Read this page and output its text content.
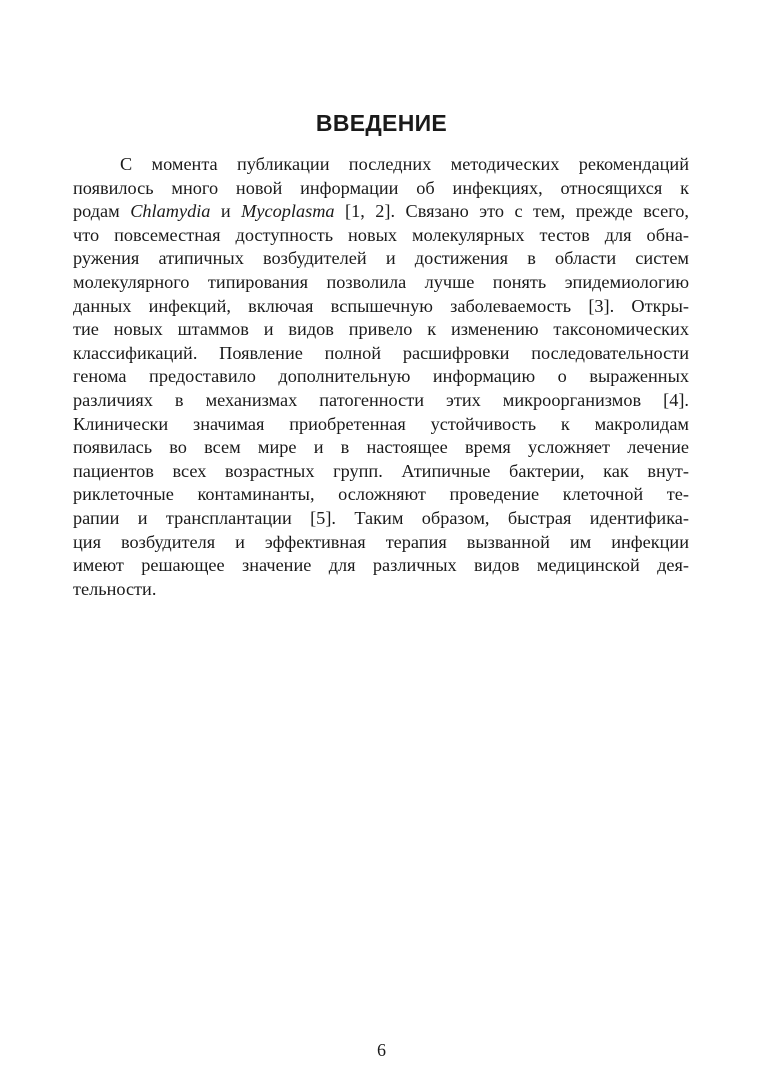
ВВЕДЕНИЕ
С момента публикации последних методических рекомендаций
появилось много новой информации об инфекциях, относящихся к
родам Chlamydia и Mycoplasma [1, 2]. Связано это с тем, прежде всего,
что повсеместная доступность новых молекулярных тестов для обна-
ружения атипичных возбудителей и достижения в области систем
молекулярного типирования позволила лучше понять эпидемиологию
данных инфекций, включая вспышечную заболеваемость [3]. Откры-
тие новых штаммов и видов привело к изменению таксономических
классификаций. Появление полной расшифровки последовательности
генома предоставило дополнительную информацию о выраженных
различиях в механизмах патогенности этих микроорганизмов [4].
Клинически значимая приобретенная устойчивость к макролидам
появилась во всем мире и в настоящее время усложняет лечение
пациентов всех возрастных групп. Атипичные бактерии, как внут-
риклеточные контаминанты, осложняют проведение клеточной те-
рапии и трансплантации [5]. Таким образом, быстрая идентифика-
ция возбудителя и эффективная терапия вызванной им инфекции
имеют решающее значение для различных видов медицинской дея-
тельности.
6
